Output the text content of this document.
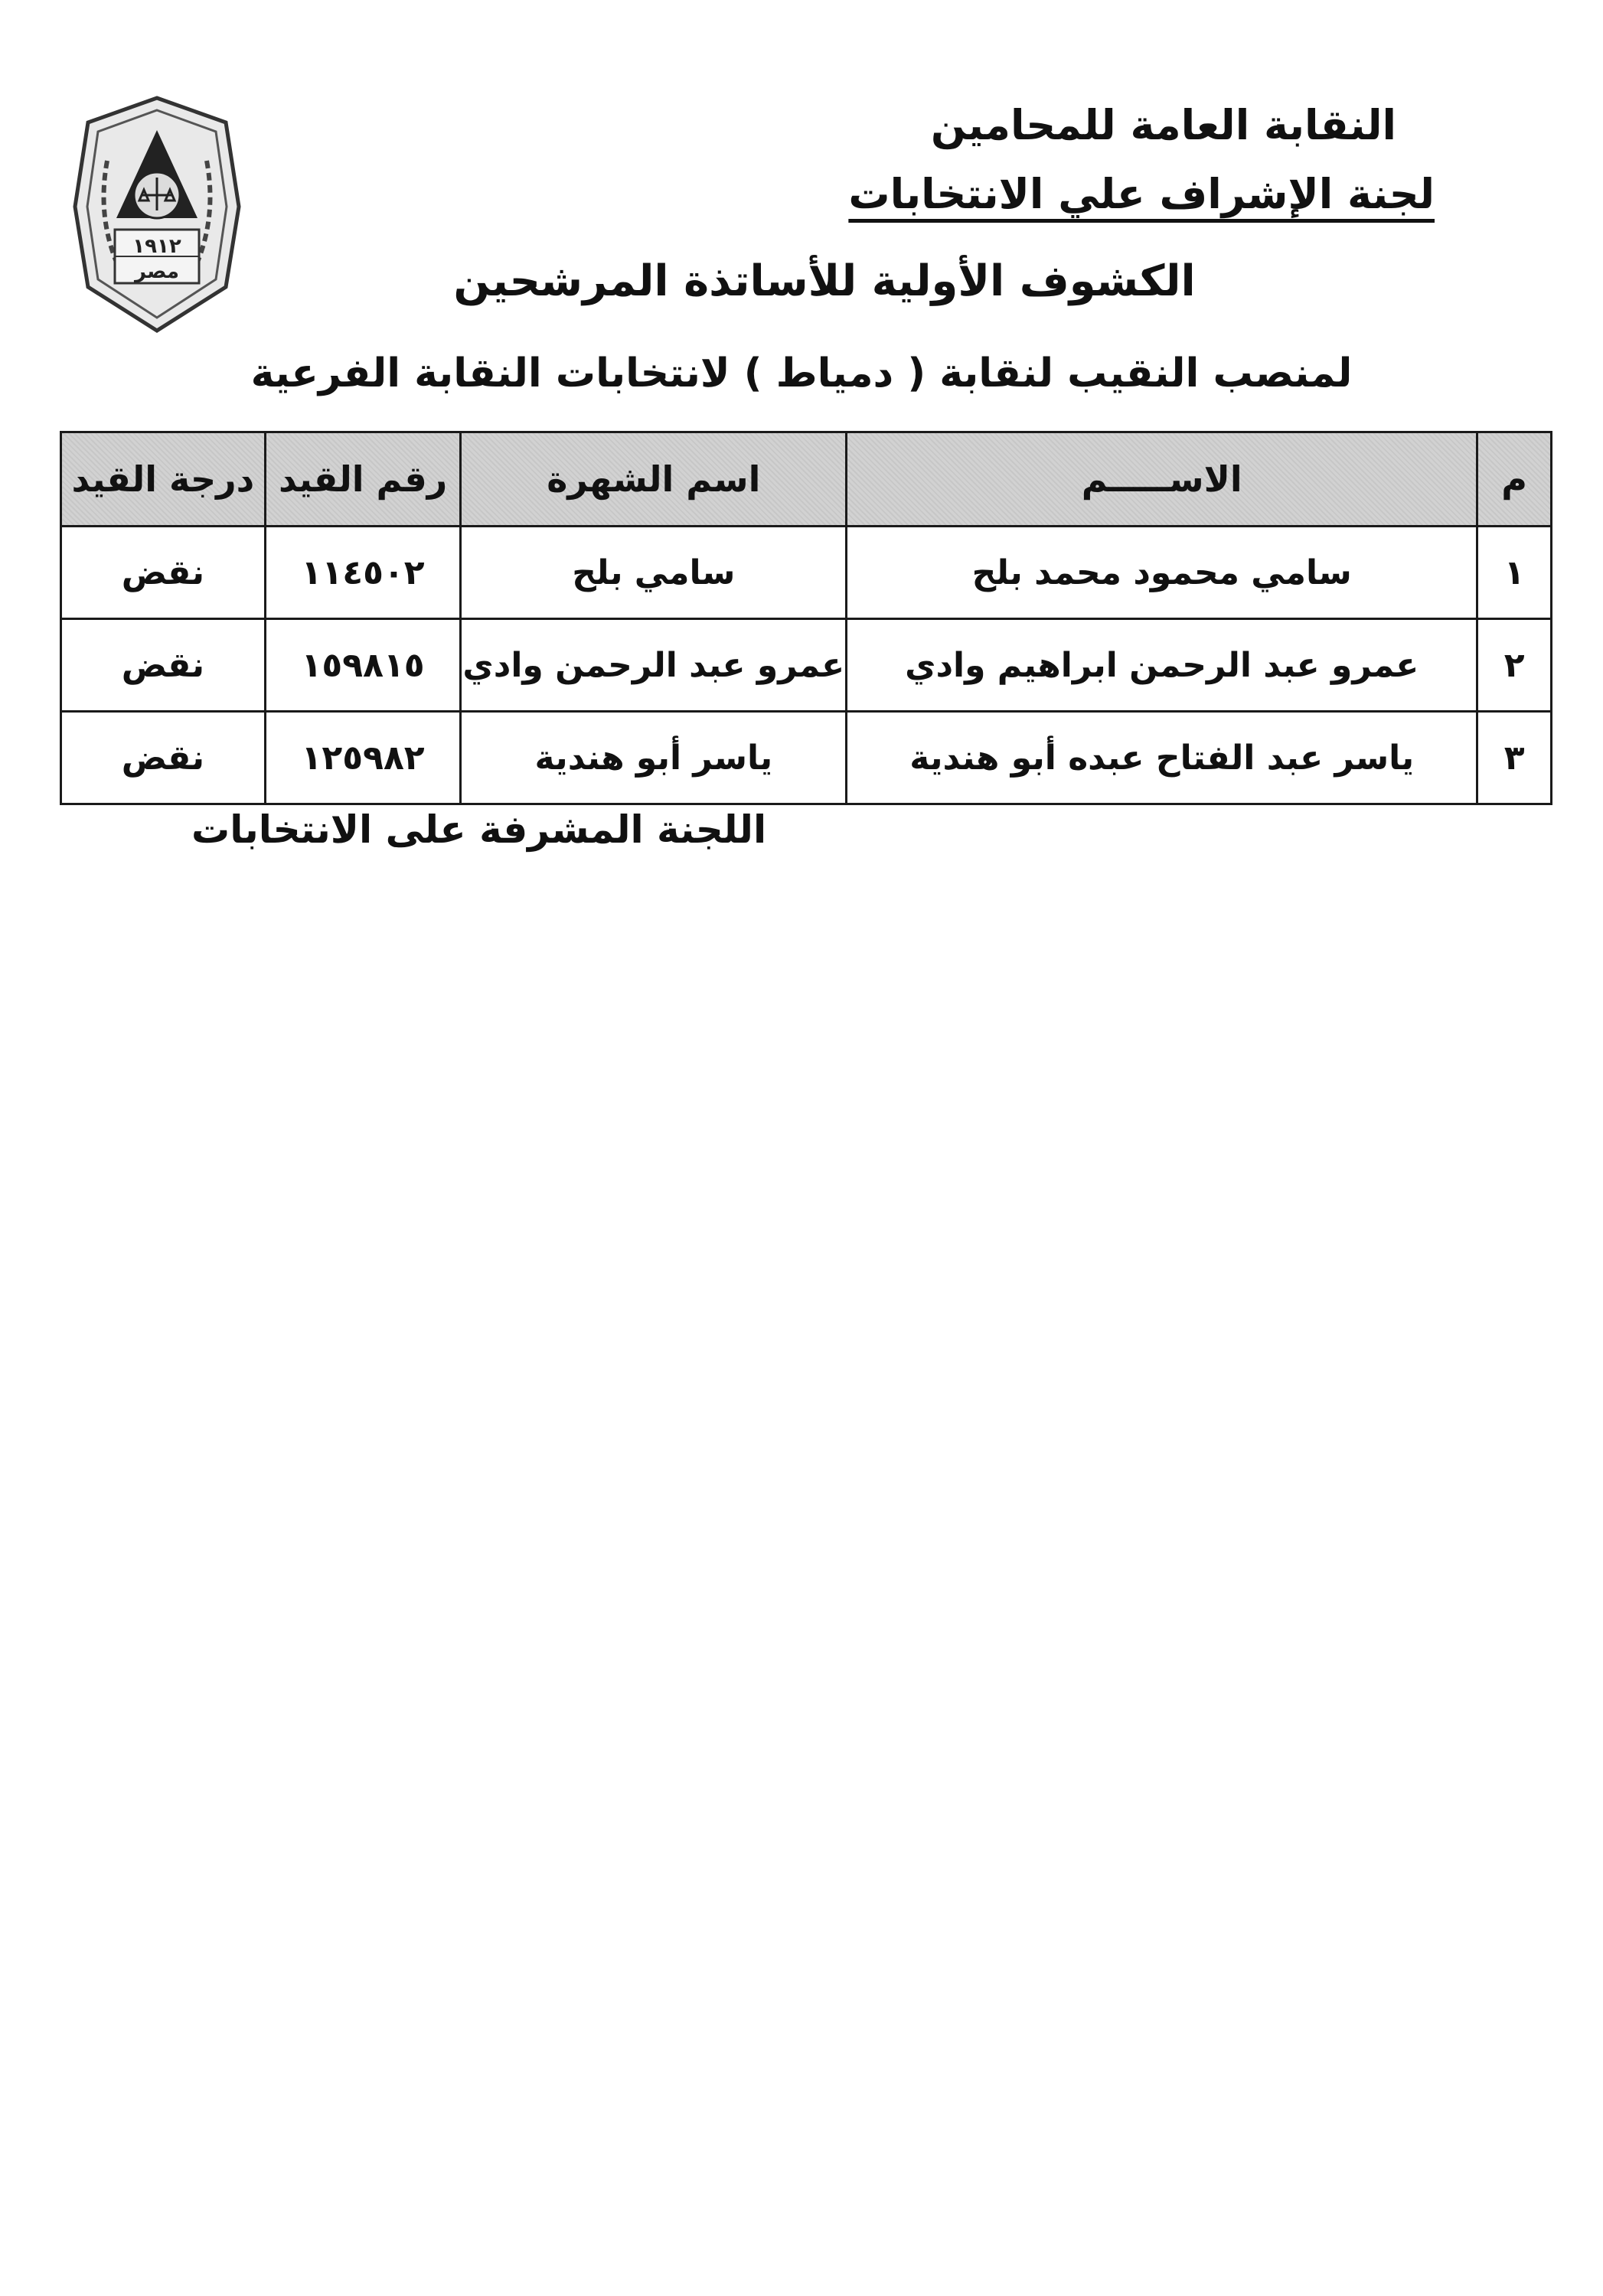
١٩١٢
مصر
النقابة العامة للمحامين
لجنة الإشراف علي الانتخابات
الكشوف الأولية للأساتذة المرشحين
لمنصب النقيب لنقابة ( دمياط ) لانتخابات النقابة الفرعية
م	الاســـــم	اسم الشهرة	رقم القيد	درجة القيد
١	سامي محمود محمد بلح	سامي بلح	١١٤٥٠٢	نقض
٢	عمرو عبد الرحمن ابراهيم وادي	عمرو عبد الرحمن وادي	١٥٩٨١٥	نقض
٣	ياسر عبد الفتاح عبده أبو هندية	ياسر أبو هندية	١٢٥٩٨٢	نقض
اللجنة المشرفة على الانتخابات
